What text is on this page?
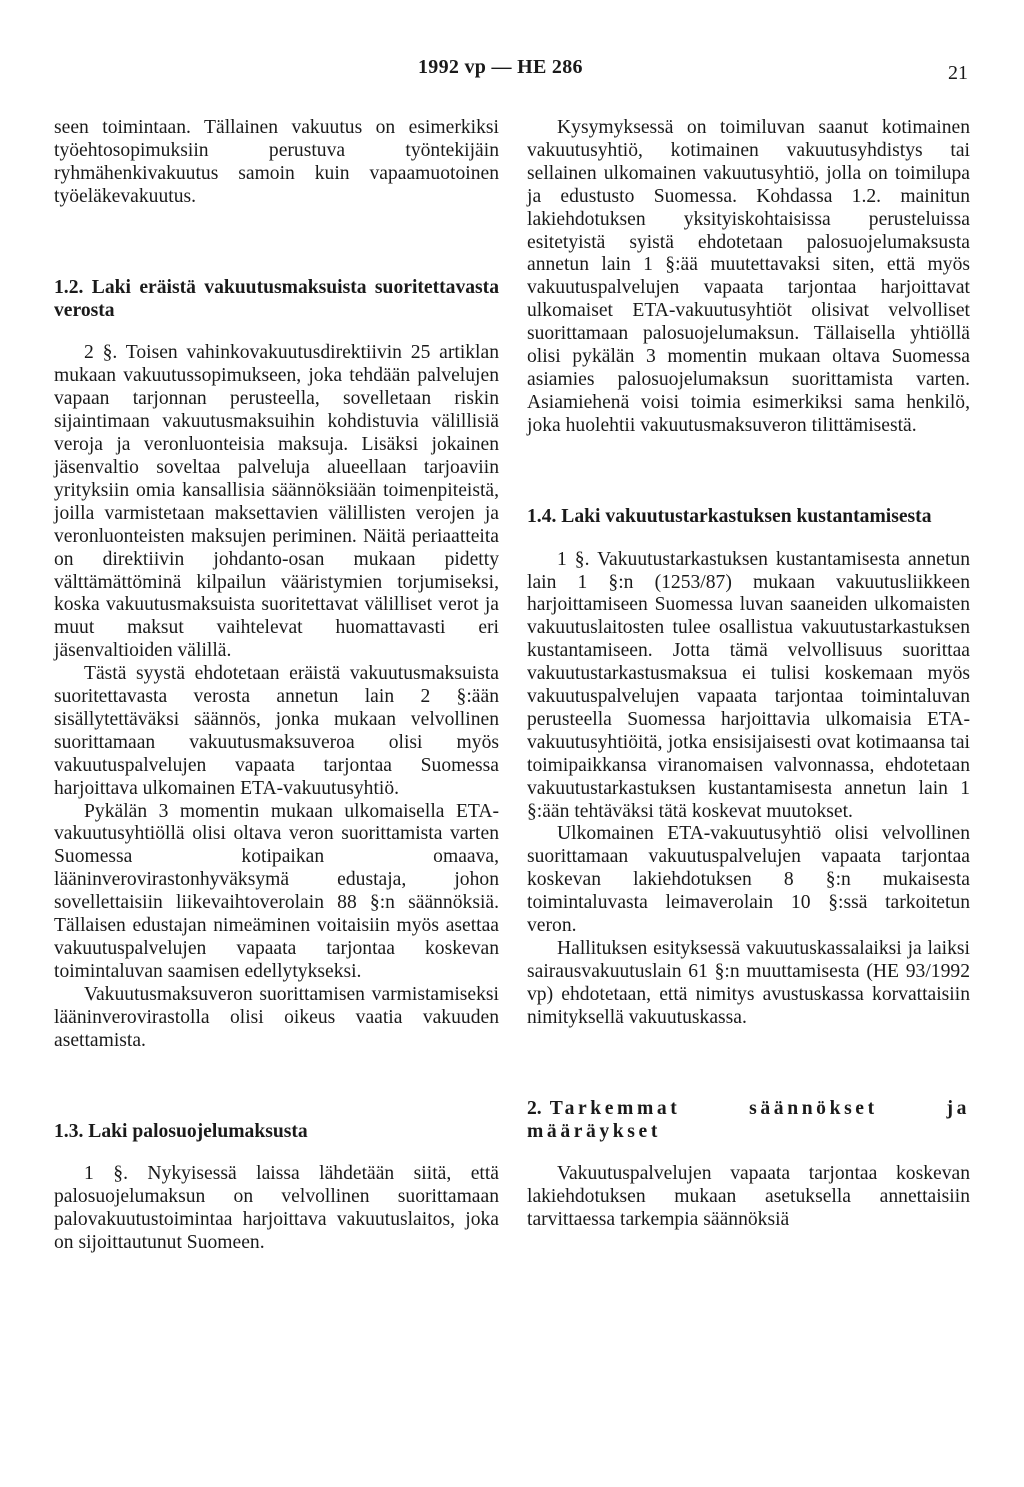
1992 vp — HE 286	21

seen toimintaan. Tällainen vakuutus on esimerkiksi työehtosopimuksiin perustuva työntekijäin ryhmähenkivakuutus samoin kuin vapaamuotoinen työeläkevakuutus.

1.2. Laki eräistä vakuutusmaksuista suoritettavasta verosta

2 §. Toisen vahinkovakuutusdirektiivin 25 artiklan mukaan vakuutussopimukseen, joka tehdään palvelujen vapaan tarjonnan perusteella, sovelletaan riskin sijaintimaan vakuutusmaksuihin kohdistuvia välillisiä veroja ja veronluonteisia maksuja. Lisäksi jokainen jäsenvaltio soveltaa palveluja alueellaan tarjoaviin yrityksiin omia kansallisia säännöksiään toimenpiteistä, joilla varmistetaan maksettavien välillisten verojen ja veronluonteisten maksujen periminen. Näitä periaatteita on direktiivin johdanto-osan mukaan pidetty välttämättöminä kilpailun vääristymien torjumiseksi, koska vakuutusmaksuista suoritettavat välilliset verot ja muut maksut vaihtelevat huomattavasti eri jäsenvaltioiden välillä.

Tästä syystä ehdotetaan eräistä vakuutusmaksuista suoritettavasta verosta annetun lain 2 §:ään sisällytettäväksi säännös, jonka mukaan velvollinen suorittamaan vakuutusmaksuveroa olisi myös vakuutuspalvelujen vapaata tarjontaa Suomessa harjoittava ulkomainen ETA-vakuutusyhtiö.

Pykälän 3 momentin mukaan ulkomaisella ETA-vakuutusyhtiöllä olisi oltava veron suorittamista varten Suomessa kotipaikan omaava, lääninverovirastonhyväksymä edustaja, johon sovellettaisiin liikevaihtoverolain 88 §:n säännöksiä. Tällaisen edustajan nimeäminen voitaisiin myös asettaa vakuutuspalvelujen vapaata tarjontaa koskevan toimintaluvan saamisen edellytykseksi.

Vakuutusmaksuveron suorittamisen varmistamiseksi lääninverovirastolla olisi oikeus vaatia vakuuden asettamista.

1.3. Laki palosuojelumaksusta

1 §. Nykyisessä laissa lähdetään siitä, että palosuojelumaksun on velvollinen suorittamaan palovakuutustoimintaa harjoittava vakuutuslaitos, joka on sijoittautunut Suomeen.

Kysymyksessä on toimiluvan saanut kotimainen vakuutusyhtiö, kotimainen vakuutusyhdistys tai sellainen ulkomainen vakuutusyhtiö, jolla on toimilupa ja edustusto Suomessa. Kohdassa 1.2. mainitun lakiehdotuksen yksityiskohtaisissa perusteluissa esitetyistä syistä ehdotetaan palosuojelumaksusta annetun lain 1 §:ää muutettavaksi siten, että myös vakuutuspalvelujen vapaata tarjontaa harjoittavat ulkomaiset ETA-vakuutusyhtiöt olisivat velvolliset suorittamaan palosuojelumaksun. Tällaisella yhtiöllä olisi pykälän 3 momentin mukaan oltava Suomessa asiamies palosuojelumaksun suorittamista varten. Asiamiehenä voisi toimia esimerkiksi sama henkilö, joka huolehtii vakuutusmaksuveron tilittämisestä.

1.4. Laki vakuutustarkastuksen kustantamisesta

1 §. Vakuutustarkastuksen kustantamisesta annetun lain 1 §:n (1253/87) mukaan vakuutusliikkeen harjoittamiseen Suomessa luvan saaneiden ulkomaisten vakuutuslaitosten tulee osallistua vakuutustarkastuksen kustantamiseen. Jotta tämä velvollisuus suorittaa vakuutustarkastusmaksua ei tulisi koskemaan myös vakuutuspalvelujen vapaata tarjontaa toimintaluvan perusteella Suomessa harjoittavia ulkomaisia ETA-vakuutusyhtiöitä, jotka ensisijaisesti ovat kotimaansa tai toimipaikkansa viranomaisen valvonnassa, ehdotetaan vakuutustarkastuksen kustantamisesta annetun lain 1 §:ään tehtäväksi tätä koskevat muutokset.

Ulkomainen ETA-vakuutusyhtiö olisi velvollinen suorittamaan vakuutuspalvelujen vapaata tarjontaa koskevan lakiehdotuksen 8 §:n mukaisesta toimintaluvasta leimaverolain 10 §:ssä tarkoitetun veron.

Hallituksen esityksessä vakuutuskassalaiksi ja laiksi sairausvakuutuslain 61 §:n muuttamisesta (HE 93/1992 vp) ehdotetaan, että nimitys avustuskassa korvattaisiin nimityksellä vakuutuskassa.

2. Tarkemmat säännökset ja määräykset

Vakuutuspalvelujen vapaata tarjontaa koskevan lakiehdotuksen mukaan asetuksella annettaisiin tarvittaessa tarkempia säännöksiä
